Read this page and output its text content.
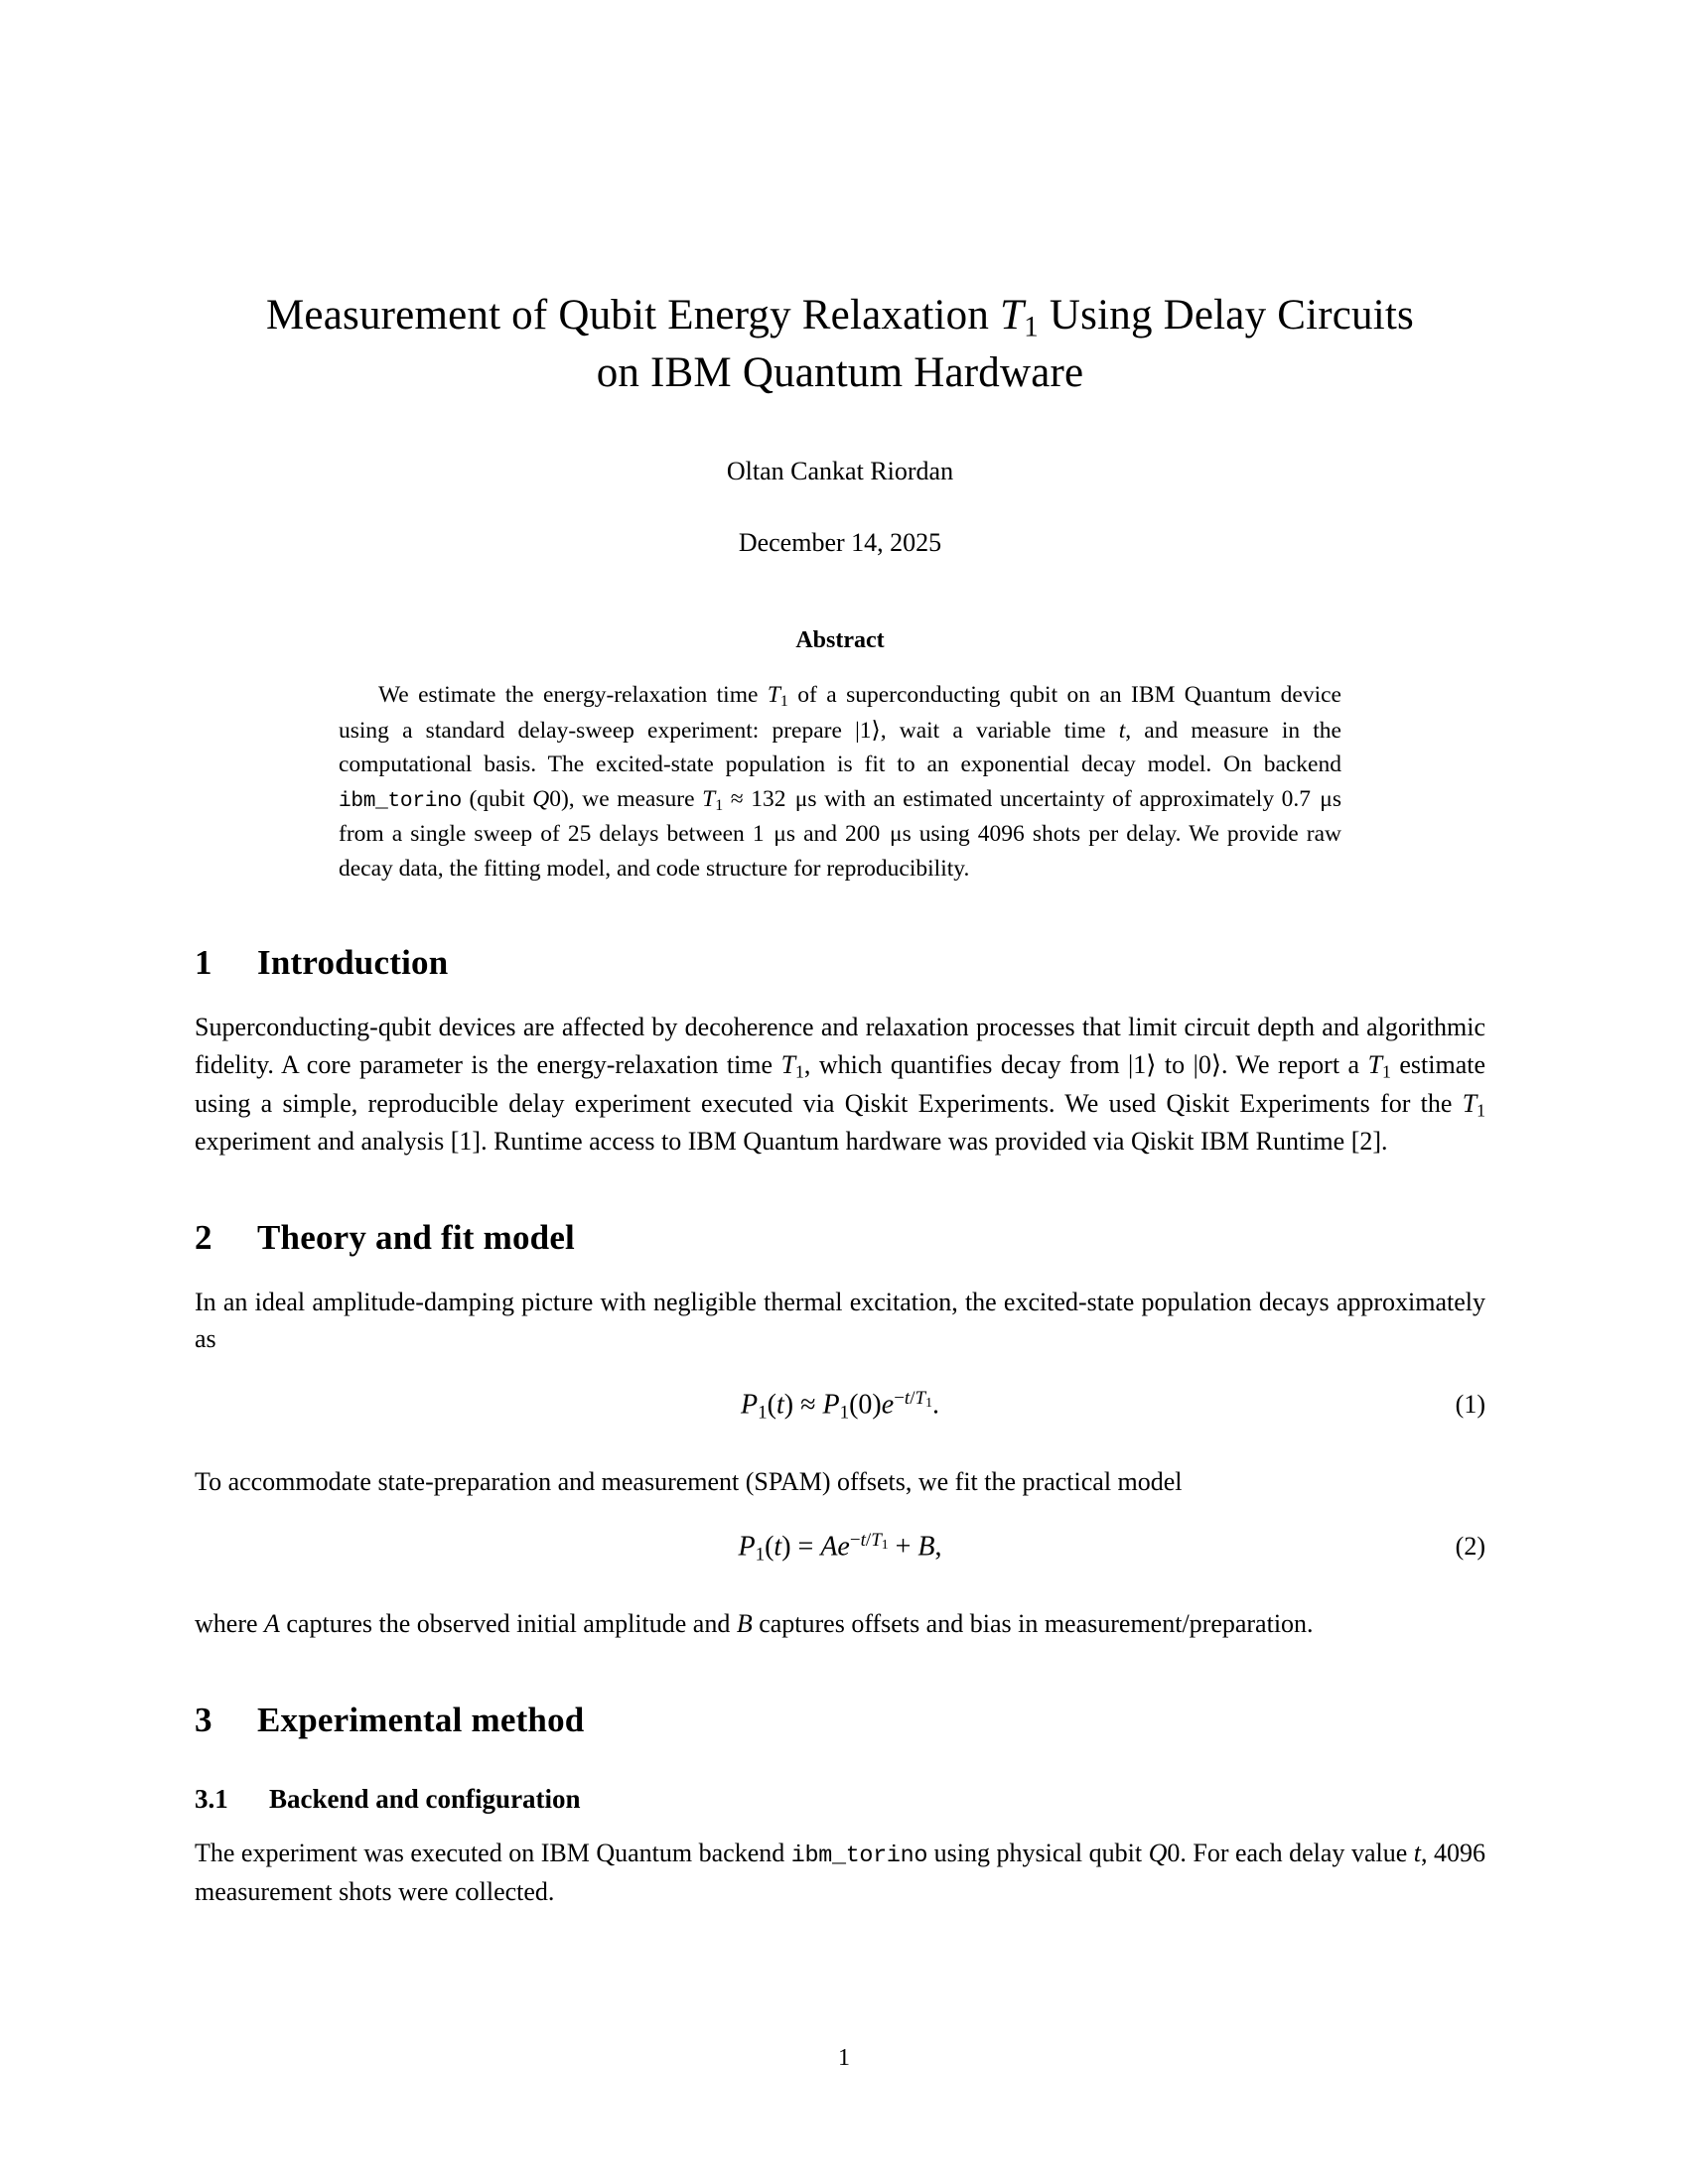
Measurement of Qubit Energy Relaxation $T_1$ Using Delay Circuits
on IBM Quantum Hardware
Oltan Cankat Riordan
December 14, 2025
Abstract
We estimate the energy-relaxation time $T_1$ of a superconducting qubit on an IBM Quantum device using a standard delay-sweep experiment: prepare |1⟩, wait a variable time t, and measure in the computational basis. The excited-state population is fit to an exponential decay model. On backend ibm_torino (qubit Q0), we measure $T_1 \approx 132$ μs with an estimated uncertainty of approximately 0.7 μs from a single sweep of 25 delays between 1 μs and 200 μs using 4096 shots per delay. We provide raw decay data, the fitting model, and code structure for reproducibility.
1 Introduction

Superconducting-qubit devices are affected by decoherence and relaxation processes that limit circuit depth and algorithmic fidelity. A core parameter is the energy-relaxation time $T_1$, which quantifies decay from |1⟩ to |0⟩. We report a $T_1$ estimate using a simple, reproducible delay experiment executed via Qiskit Experiments. We used Qiskit Experiments for the $T_1$ experiment and analysis [1]. Runtime access to IBM Quantum hardware was provided via Qiskit IBM Runtime [2].

2 Theory and fit model

In an ideal amplitude-damping picture with negligible thermal excitation, the excited-state population decays approximately as

$P_1(t) \approx P_1(0)e^{-t/T1}$.	(1)

To accommodate state-preparation and measurement (SPAM) offsets, we fit the practical model

$P_1(t) = Ae^{-t/T1} + B$,	(2)

where A captures the observed initial amplitude and B captures offsets and bias in measurement/preparation.

3 Experimental method
3.1 Backend and configuration

The experiment was executed on IBM Quantum backend ibm_torino using physical qubit Q0. For each delay value t, 4096 measurement shots were collected.

1
